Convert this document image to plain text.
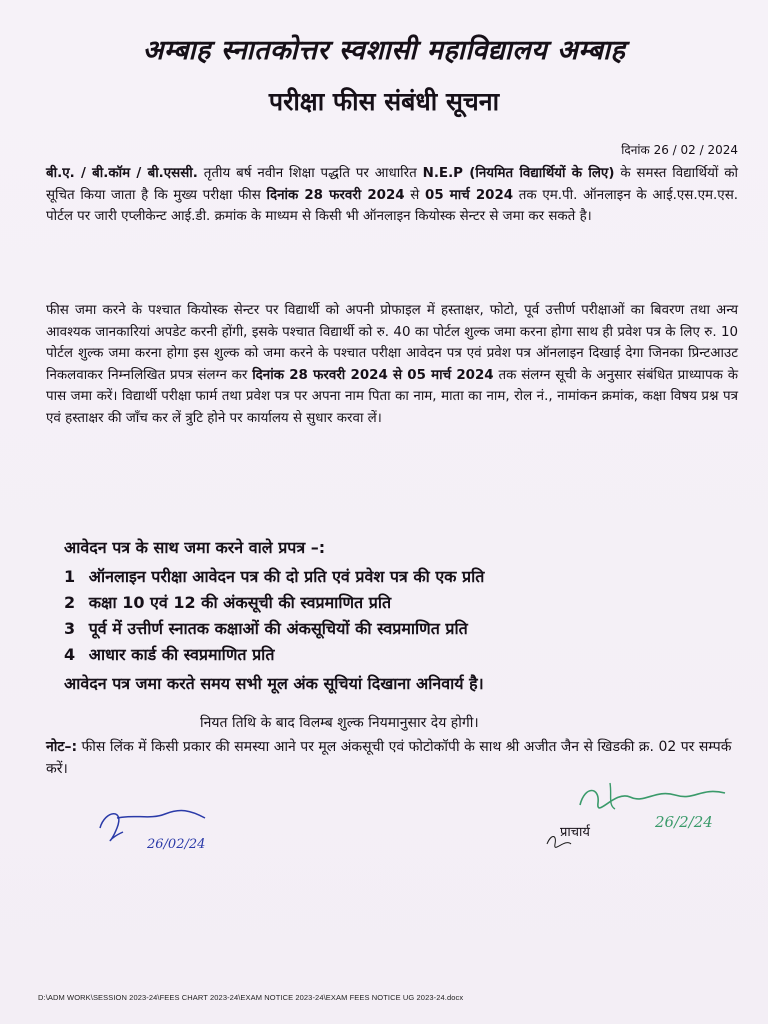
अम्बाह स्नातकोत्तर स्वशासी महाविद्यालय अम्बाह
परीक्षा फीस संबंधी सूचना
दिनांक 26 / 02 / 2024
बी.ए. / बी.कॉम / बी.एससी. तृतीय बर्ष नवीन शिक्षा पद्धति पर आधारित N.E.P (नियमित विद्यार्थियों के लिए) के समस्त विद्यार्थियों को सूचित किया जाता है कि मुख्य परीक्षा फीस दिनांक 28 फरवरी 2024 से 05 मार्च 2024 तक एम.पी. ऑनलाइन के आई.एस.एम.एस. पोर्टल पर जारी एप्लीकेन्ट आई.डी. क्रमांक के माध्यम से किसी भी ऑनलाइन कियोस्क सेन्टर से जमा कर सकते है।
फीस जमा करने के पश्चात कियोस्क सेन्टर पर विद्यार्थी को अपनी प्रोफाइल में हस्ताक्षर, फोटो, पूर्व उत्तीर्ण परीक्षाओं का बिवरण तथा अन्य आवश्यक जानकारियां अपडेट करनी होंगी, इसके पश्चात विद्यार्थी को रु. 40 का पोर्टल शुल्क जमा करना होगा साथ ही प्रवेश पत्र के लिए रु. 10 पोर्टल शुल्क जमा करना होगा इस शुल्क को जमा करने के पश्चात परीक्षा आवेदन पत्र एवं प्रवेश पत्र ऑनलाइन दिखाई देगा जिनका प्रिन्टआउट निकलवाकर निम्नलिखित प्रपत्र संलग्न कर दिनांक 28 फरवरी 2024 से 05 मार्च 2024 तक संलग्न सूची के अनुसार संबंधित प्राध्यापक के पास जमा करें। विद्यार्थी परीक्षा फार्म तथा प्रवेश पत्र पर अपना नाम पिता का नाम, माता का नाम, रोल नं., नामांकन क्रमांक, कक्षा विषय प्रश्न पत्र एवं हस्ताक्षर की जाँच कर लें त्रुटि होने पर कार्यालय से सुधार करवा लें।
आवेदन पत्र के साथ जमा करने वाले प्रपत्र –:
1 ऑनलाइन परीक्षा आवेदन पत्र की दो प्रति एवं प्रवेश पत्र की एक प्रति
2 कक्षा 10 एवं 12 की अंकसूची की स्वप्रमाणित प्रति
3 पूर्व में उत्तीर्ण स्नातक कक्षाओं की अंकसूचियों की स्वप्रमाणित प्रति
4 आधार कार्ड की स्वप्रमाणित प्रति
आवेदन पत्र जमा करते समय सभी मूल अंक सूचियां दिखाना अनिवार्य है।
नियत तिथि के बाद विलम्ब शुल्क नियमानुसार देय होगी।
नोट–: फीस लिंक में किसी प्रकार की समस्या आने पर मूल अंकसूची एवं फोटोकॉपी के साथ श्री अजीत जैन से खिडकी क्र. 02 पर सम्पर्क करें।
26/02/24
26/2/24
प्राचार्य
D:\ADM WORK\SESSION 2023-24\FEES CHART 2023-24\EXAM NOTICE 2023-24\EXAM FEES NOTICE UG 2023-24.docx
